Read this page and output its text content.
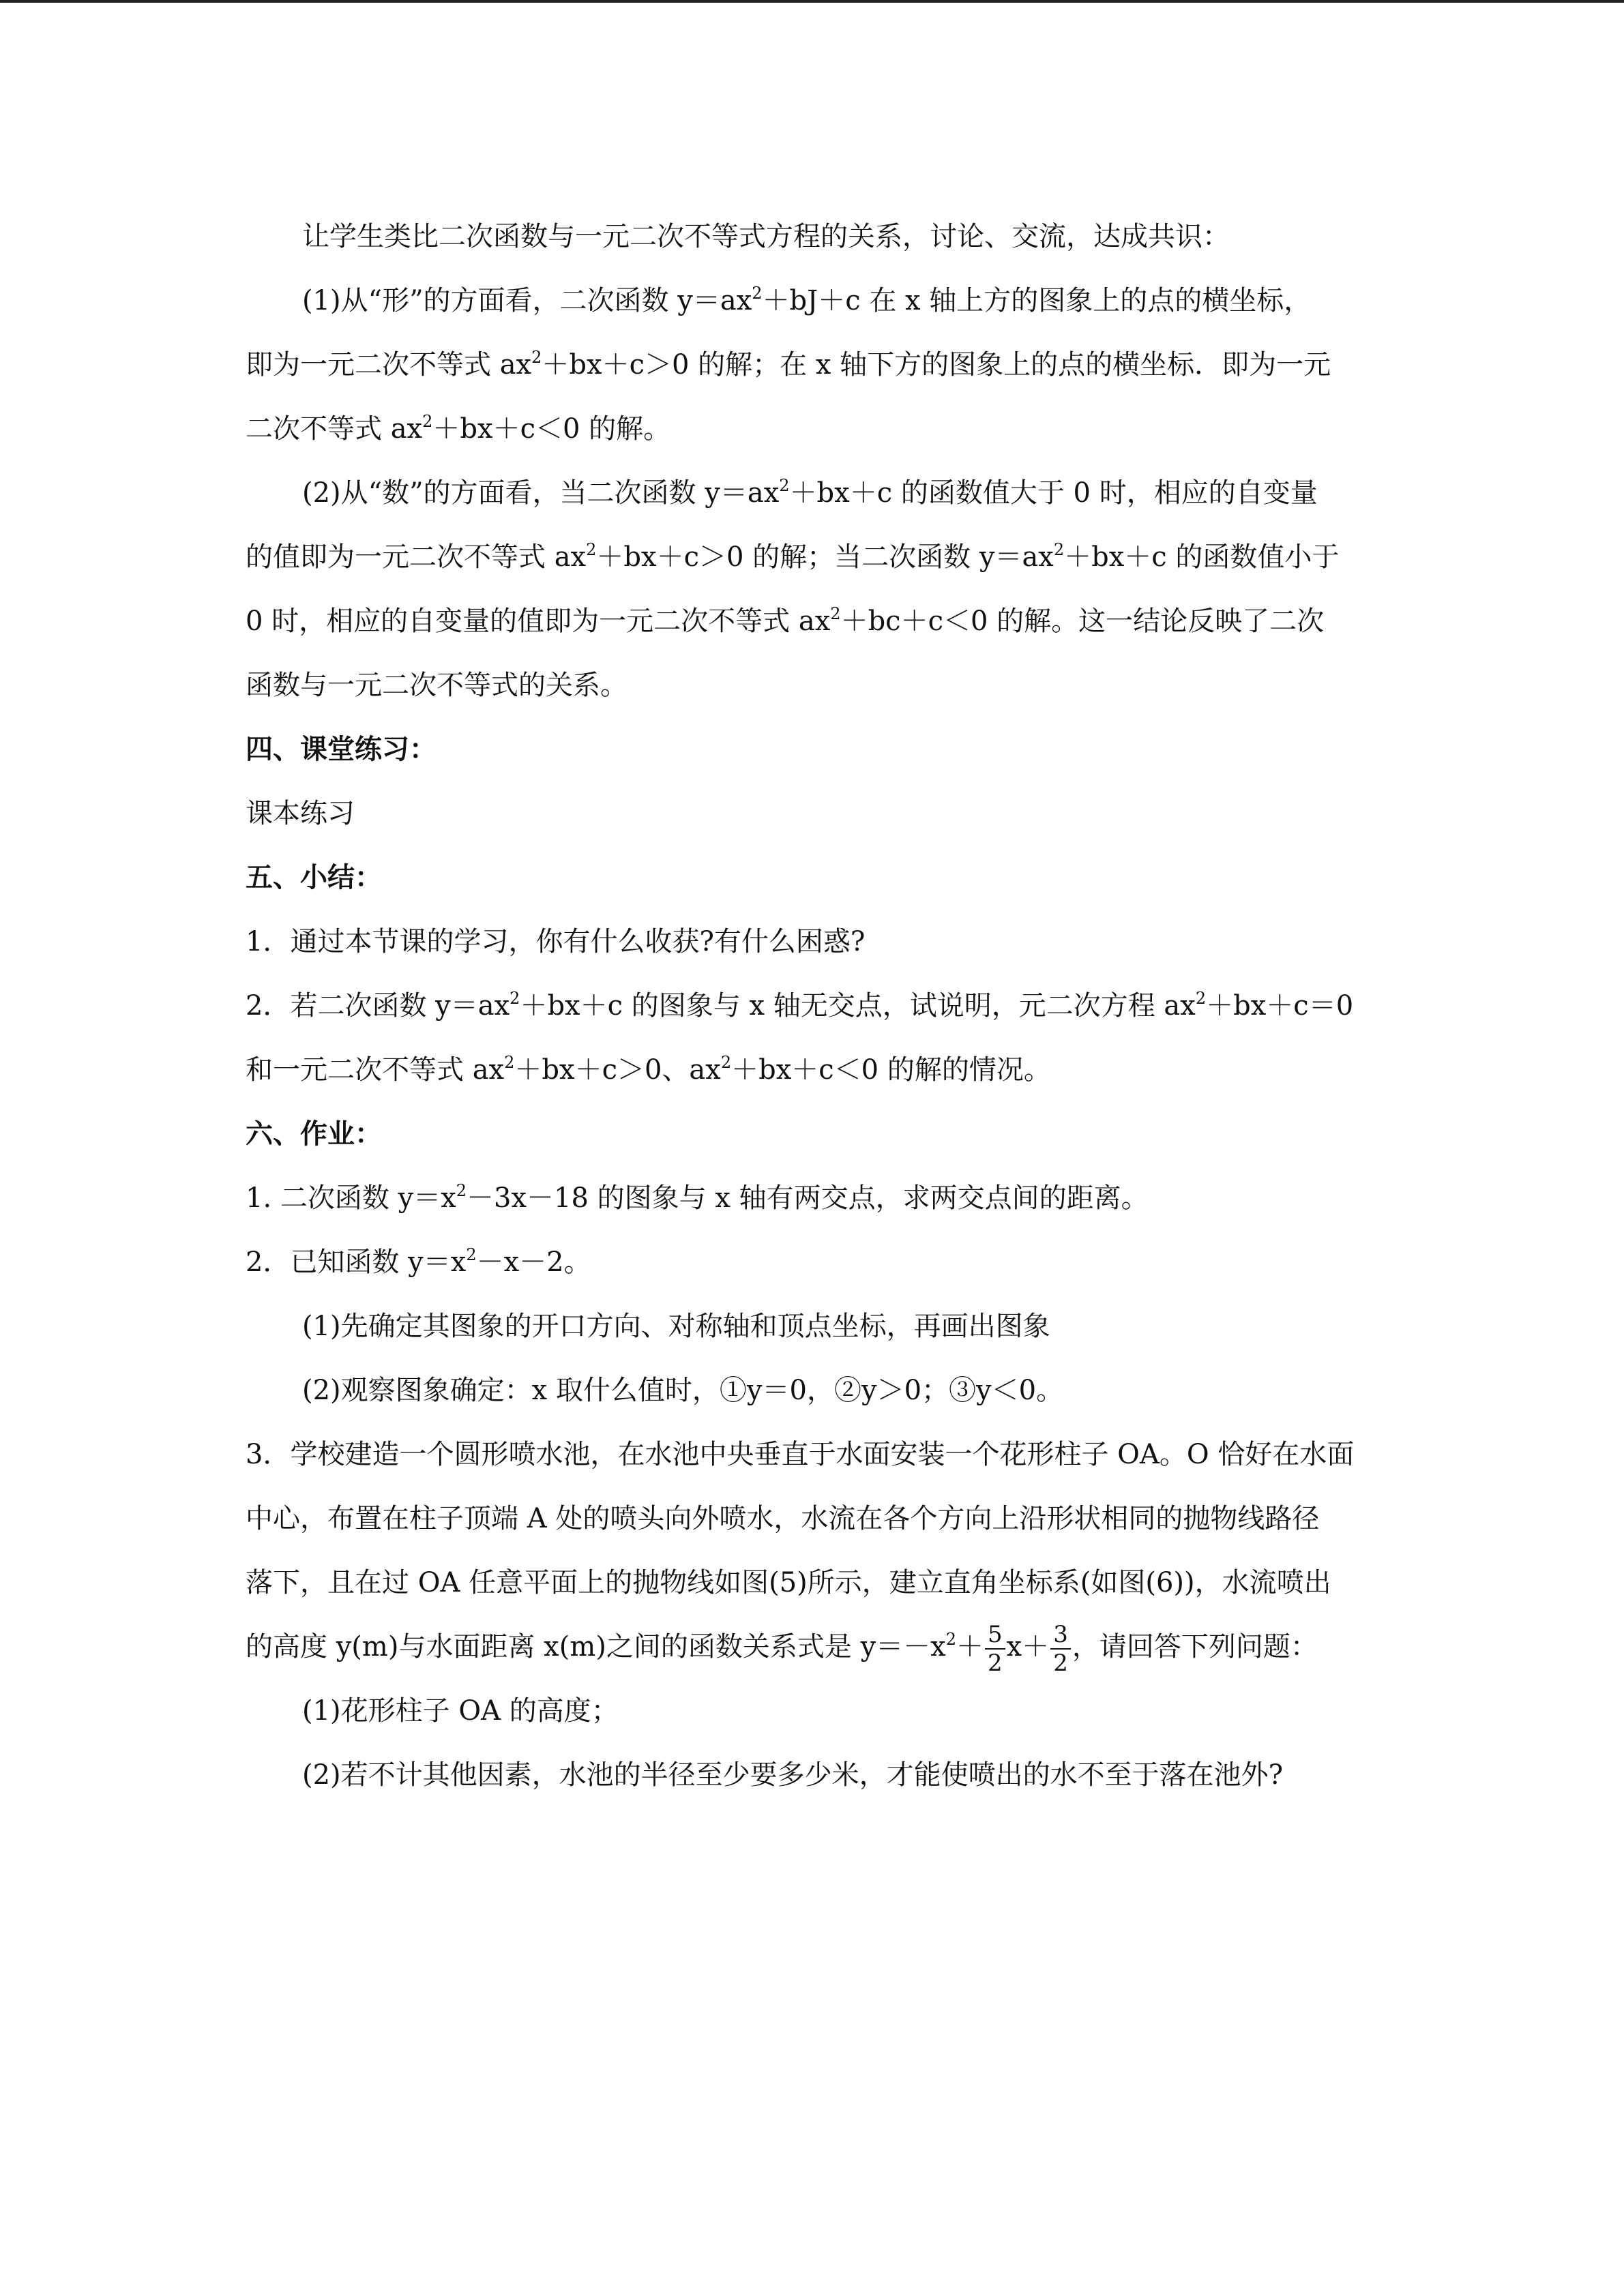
让学生类比二次函数与一元二次不等式方程的关系，讨论、交流，达成共识：

(1)从“形”的方面看，二次函数 $y=ax^2+bJ+c$ 在 x 轴上方的图象上的点的横坐标，

即为一元二次不等式 $ax^2+bx+c>0$ 的解；在 x 轴下方的图象上的点的横坐标．即为一元

二次不等式 $ax^2+bx+c<0$ 的解。

(2)从“数”的方面看，当二次函数 $y=ax^2+bx+c$ 的函数值大于 0 时，相应的自变量

的值即为一元二次不等式 $ax^2+bx+c>0$ 的解；当二次函数 $y=ax^2+bx+c$ 的函数值小于

0 时，相应的自变量的值即为一元二次不等式 $ax^2+bc+c<0$ 的解。这一结论反映了二次

函数与一元二次不等式的关系。

四、课堂练习：

课本练习

五、小结：

1．通过本节课的学习，你有什么收获?有什么困惑?

2．若二次函数 $y=ax^2+bx+c$ 的图象与 x 轴无交点，试说明，元二次方程 $ax^2+bx+c=0$

和一元二次不等式 $ax^2+bx+c>0$、$ax^2+bx+c<0$ 的解的情况。

六、作业：

1. 二次函数 $y=x^2-3x-18$ 的图象与 x 轴有两交点，求两交点间的距离。

2．已知函数 $y=x^2-x-2$。

(1)先确定其图象的开口方向、对称轴和顶点坐标，再画出图象

(2)观察图象确定：x 取什么值时，①y＝0，②y＞0；③y＜0。

3．学校建造一个圆形喷水池，在水池中央垂直于水面安装一个花形柱子 OA。O 恰好在水面

中心，布置在柱子顶端 A 处的喷头向外喷水，水流在各个方向上沿形状相同的抛物线路径

落下，且在过 OA 任意平面上的抛物线如图(5)所示，建立直角坐标系(如图(6))，水流喷出

的高度 y(m)与水面距离 x(m)之间的函数关系式是 $y=-x^2+ \frac{5}{2} x+ \frac{3}{2}$ ，请回答下列问题：

(1)花形柱子 OA 的高度；

(2)若不计其他因素，水池的半径至少要多少米，才能使喷出的水不至于落在池外?
